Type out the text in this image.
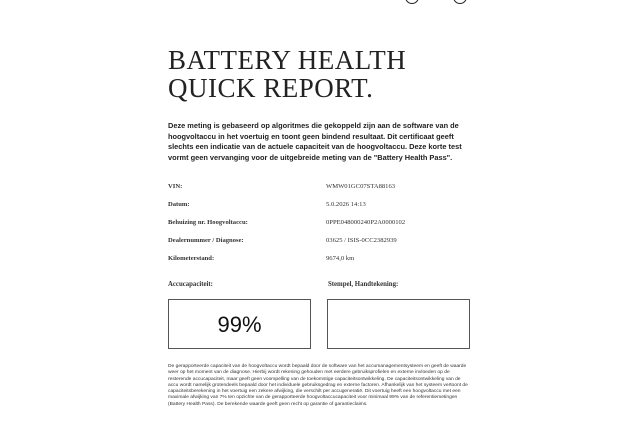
BATTERY HEALTH
QUICK REPORT.
Deze meting is gebaseerd op algoritmes die gekoppeld zijn aan de software van de hoogvoltaccu in het voertuig en toont geen bindend resultaat. Dit certificaat geeft slechts een indicatie van de actuele capaciteit van de hoogvoltaccu. Deze korte test vormt geen vervanging voor de uitgebreide meting van de "Battery Health Pass".
VIN:	WMW01GC07STA88163
Datum:	5.0.2026 14:13
Behuizing nr. Hoogvoltaccu:	0PPE048000240P2A0000102
Dealernummer / Diagnose:	03625 / ISIS-0CC2382939
Kilometerstand:	9674,0 km
Accucapaciteit:	Stempel, Handtekening:
99%
De gerapporteerde capaciteit van de hoogvoltaccu wordt bepaald door de software van het accumanagementsysteem en geeft de waarde weer op het moment van de diagnose. Hierbij wordt rekening gehouden met eerdere gebruiksprofielen en externe invloeden op de resterende accucapaciteit, maar geeft geen voorspelling van de toekomstige capaciteitsontwikkeling. De capaciteitsontwikkeling van de accu wordt namelijk grotendeels bepaald door het individuele gebruiksgedrag en externe factoren. Afhankelijk van het systeem vertoont de capaciteitsberekening in het voertuig een zekere afwijking, die verschilt per accugeneratië. Dit voertuig heeft een hoogvoltaccu met een maximale afwijking van 7% ten opzichte van de gerapporteerde hoogvoltaccucapaciteit voor minimaal 99% van de referentiemetingen (Battery Health Pass). De berekende waarde geeft geen recht op garantie of garantieclaims.
